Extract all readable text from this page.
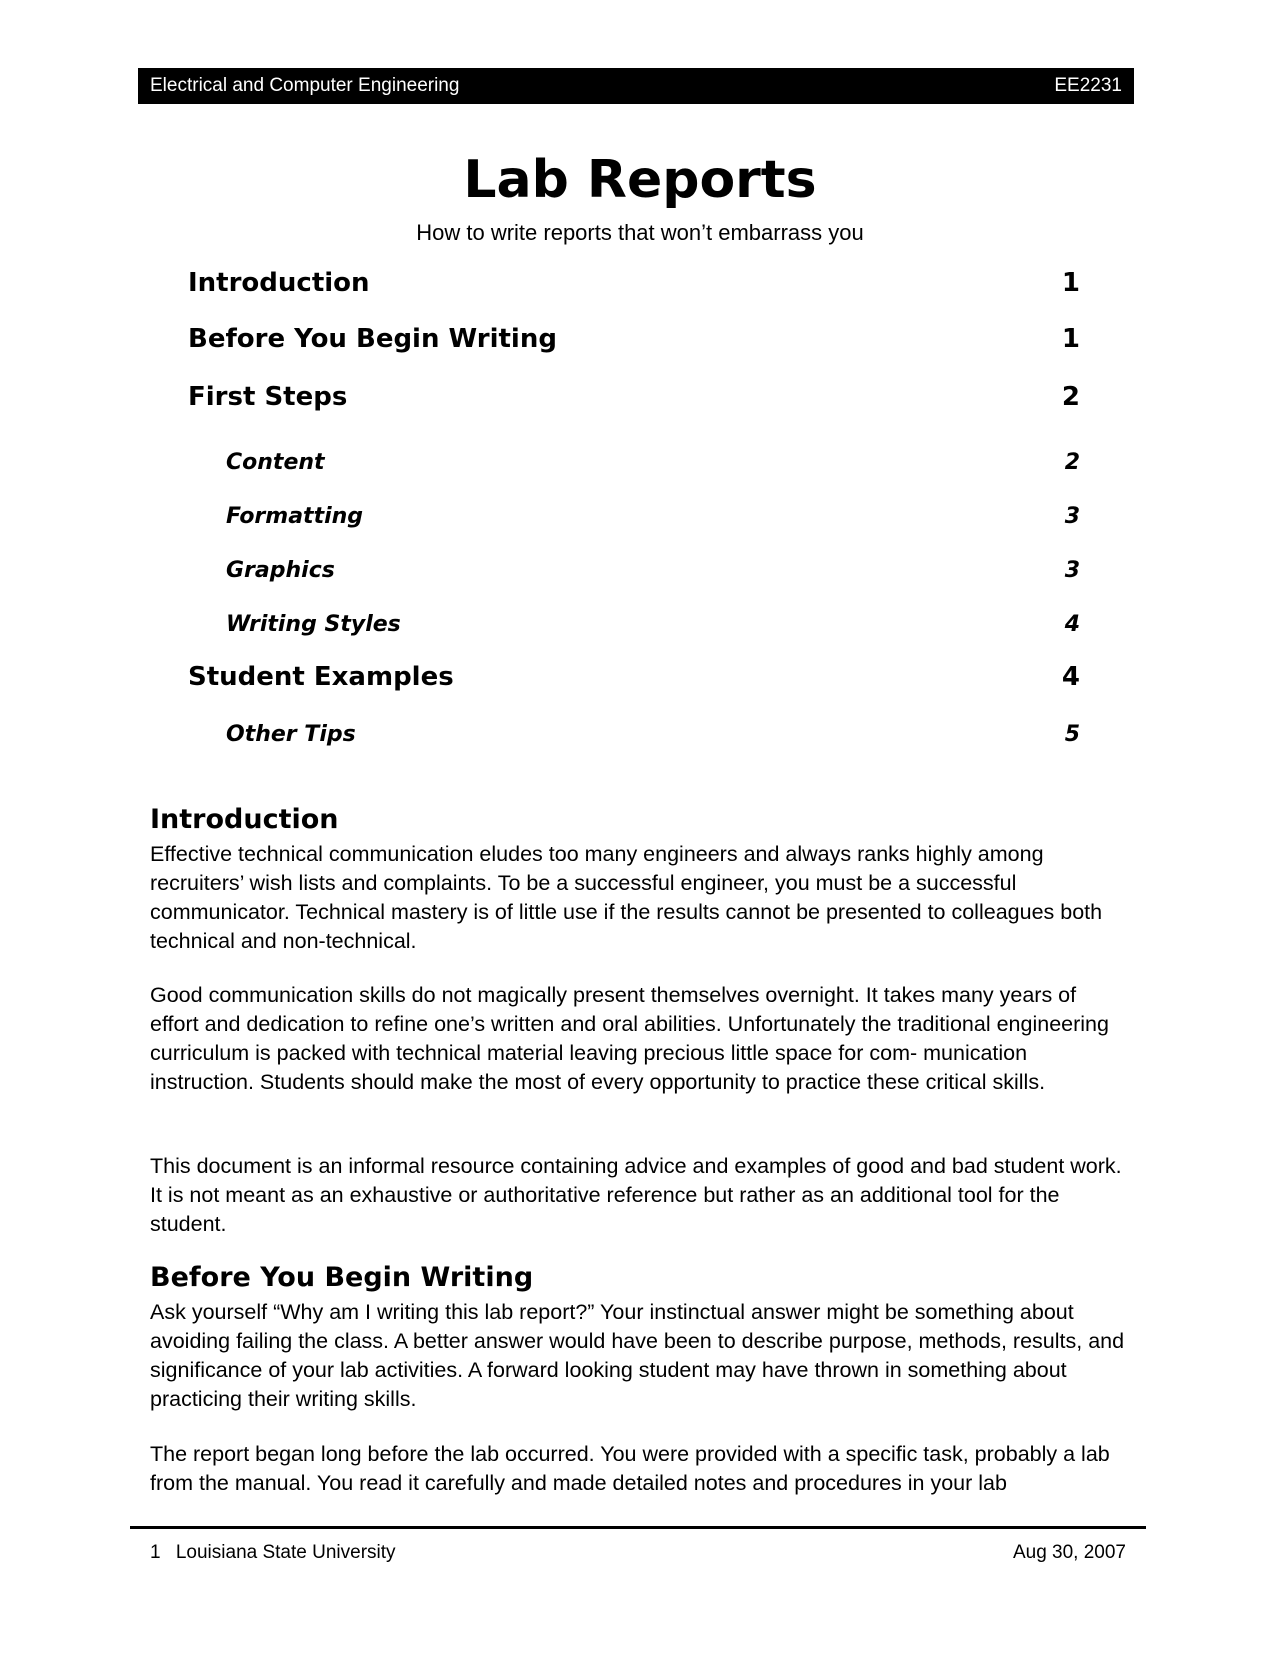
Electrical and Computer Engineering	EE2231
Lab Reports

How to write reports that won’t embarrass you

Introduction	1
Before You Begin Writing	1
First Steps	2
Content	2
Formatting	3
Graphics	3
Writing Styles	4
Student Examples	4
Other Tips	5
Introduction

Effective technical communication eludes too many engineers and always ranks highly among recruiters’ wish lists and complaints. To be a successful engineer, you must be a successful communicator. Technical mastery is of little use if the results cannot be presented to colleagues both technical and non-technical.

Good communication skills do not magically present themselves overnight. It takes many years of effort and dedication to refine one’s written and oral abilities. Unfortunately the traditional engineering curriculum is packed with technical material leaving precious little space for com- munication instruction. Students should make the most of every opportunity to practice these critical skills.

This document is an informal resource containing advice and examples of good and bad student work. It is not meant as an exhaustive or authoritative reference but rather as an additional tool for the student.

Before You Begin Writing

Ask yourself “Why am I writing this lab report?” Your instinctual answer might be something about avoiding failing the class. A better answer would have been to describe purpose, methods, results, and significance of your lab activities. A forward looking student may have thrown in something about practicing their writing skills.

The report began long before the lab occurred. You were provided with a specific task, probably a lab from the manual. You read it carefully and made detailed notes and procedures in your lab

1 Louisiana State University	Aug 30, 2007
